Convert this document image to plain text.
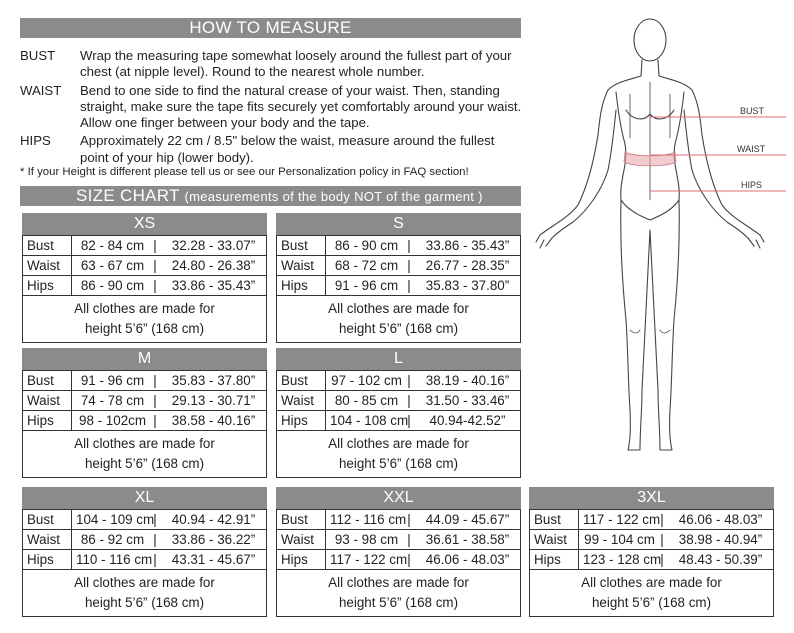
HOW TO MEASURE
BUST	Wrap the measuring tape somewhat loosely around the fullest part of your chest (at nipple level). Round to the nearest whole number.
WAIST	Bend to one side to find the natural crease of your waist. Then, standing straight, make sure the tape fits securely yet comfortably around your waist. Allow one finger between your body and the tape.
HIPS	Approximately 22 cm / 8.5" below the waist, measure around the fullest point of your hip (lower body).
* If your Height is different please tell us or see our Personalization policy in FAQ section!
SIZE CHART (measurements of the body NOT of the garment )
XS
Bust	82 - 84 cm | 32.28 - 33.07”

Waist	63 - 67 cm | 24.80 - 26.38”

Hips	86 - 90 cm | 33.86 - 35.43”

All clothes are made for
height 5’6” (168 cm)	
S
Bust	86 - 90 cm | 33.86 - 35.43”

Waist	68 - 72 cm | 26.77 - 28.35”

Hips	91 - 96 cm | 35.83 - 37.80”

All clothes are made for
height 5’6” (168 cm)	
M
Bust	91 - 96 cm | 35.83 - 37.80”

Waist	74 - 78 cm | 29.13 - 30.71”

Hips	98 - 102cm | 38.58 - 40.16”

All clothes are made for
height 5’6” (168 cm)	
L
Bust	97 - 102 cm | 38.19 - 40.16”

Waist	80 - 85 cm | 31.50 - 33.46”

Hips	104 - 108 cm | 40.94-42.52”

All clothes are made for
height 5’6” (168 cm)	
XL
Bust	104 - 109 cm | 40.94 - 42.91”

Waist	86 - 92 cm | 33.86 - 36.22”

Hips	110 - 116 cm | 43.31 - 45.67”

All clothes are made for
height 5’6” (168 cm)	
XXL
Bust	112 - 116 cm | 44.09 - 45.67”

Waist	93 - 98 cm | 36.61 - 38.58”

Hips	117 - 122 cm | 46.06 - 48.03”

All clothes are made for
height 5’6” (168 cm)	
3XL
Bust	117 - 122 cm | 46.06 - 48.03”

Waist	99 - 104 cm | 38.98 - 40.94”

Hips	123 - 128 cm | 48.43 - 50.39”

All clothes are made for
height 5’6” (168 cm)	
BUST
WAIST
HIPS
